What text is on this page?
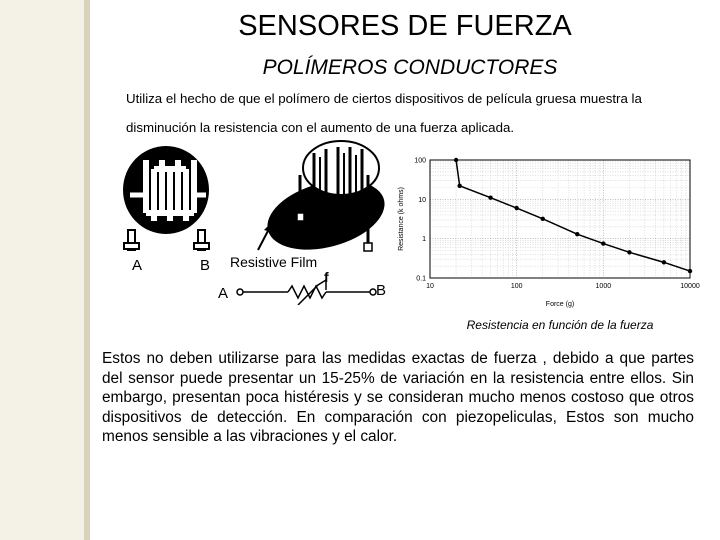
SENSORES DE FUERZA
POLÍMEROS CONDUCTORES
Utiliza el hecho de que el polímero de ciertos dispositivos de película gruesa muestra la disminución la resistencia con el aumento de una fuerza aplicada.
A	B Resistive Film
f
A	B	10	100	1000	10000
100
10
1
0.1
Force (g)
Resistance (k ohms)
Resistencia en función de la fuerza
Estos no deben utilizarse para las medidas exactas de fuerza , debido a que partes del sensor puede presentar un 15-25% de variación en la resistencia entre ellos. Sin embargo, presentan poca histéresis y se consideran mucho menos costoso que otros dispositivos de detección. En comparación con piezopeliculas, Estos son mucho menos sensible a las vibraciones y el calor.
